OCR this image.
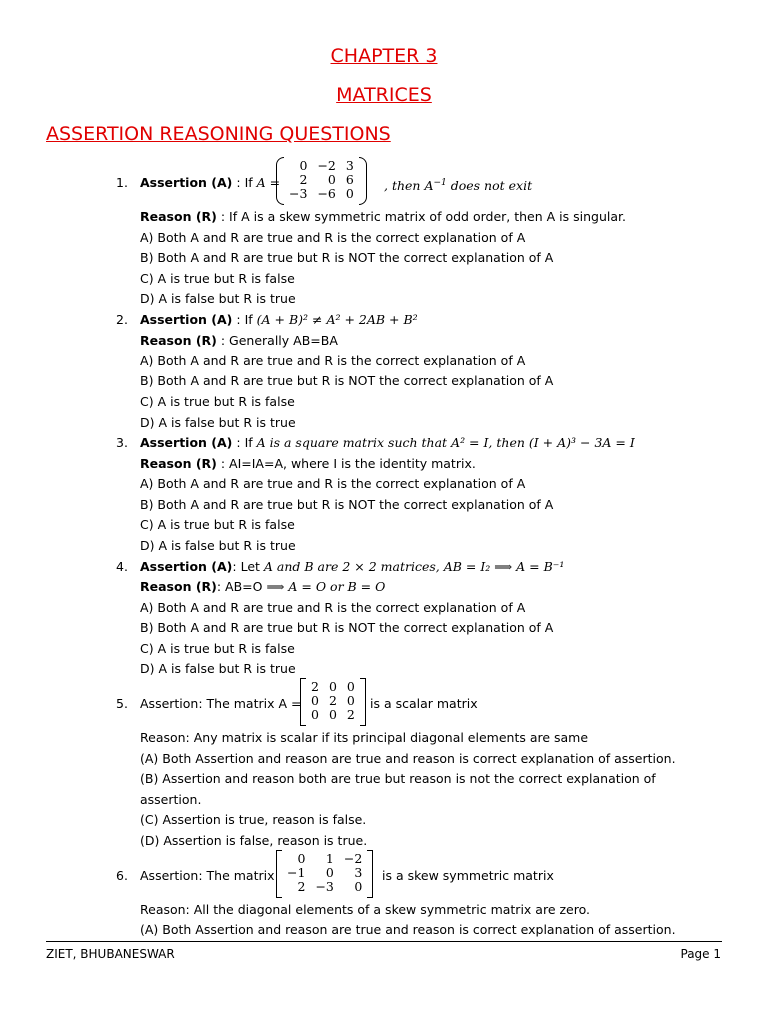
CHAPTER 3
MATRICES
ASSERTION REASONING QUESTIONS
1. Assertion (A) : If A =
0	−2	3
2	0	6
−3	−6	0
, then $A^{-1}$ does not exit
Reason (R) : If A is a skew symmetric matrix of odd order, then A is singular.
A) Both A and R are true and R is the correct explanation of A
B) Both A and R are true but R is NOT the correct explanation of A
C) A is true but R is false
D) A is false but R is true
2. Assertion (A) : If (A + B)² ≠ A² + 2AB + B²
Reason (R) : Generally AB=BA
A) Both A and R are true and R is the correct explanation of A
B) Both A and R are true but R is NOT the correct explanation of A
C) A is true but R is false
D) A is false but R is true
3. Assertion (A) : If A is a square matrix such that A² = I, then (I + A)³ − 3A = I
Reason (R) : AI=IA=A, where I is the identity matrix.
A) Both A and R are true and R is the correct explanation of A
B) Both A and R are true but R is NOT the correct explanation of A
C) A is true but R is false
D) A is false but R is true
4. Assertion (A): Let A and B are 2 × 2 matrices, AB = I₂ ⟹ A = B⁻¹
Reason (R): AB=O ⟹ A = O or B = O
A) Both A and R are true and R is the correct explanation of A
B) Both A and R are true but R is NOT the correct explanation of A
C) A is true but R is false
D) A is false but R is true
5. Assertion: The matrix A =
2	0	0
0	2	0
0	0	2
is a scalar matrix
Reason: Any matrix is scalar if its principal diagonal elements are same
(A) Both Assertion and reason are true and reason is correct explanation of assertion.
(B) Assertion and reason both are true but reason is not the correct explanation of
assertion.
(C) Assertion is true, reason is false.
(D) Assertion is false, reason is true.
6. Assertion: The matrix
0	1	−2
−1	0	3
2	−3	0
is a skew symmetric matrix
Reason: All the diagonal elements of a skew symmetric matrix are zero.
(A) Both Assertion and reason are true and reason is correct explanation of assertion.
ZIET, BHUBANESWAR	Page 1
